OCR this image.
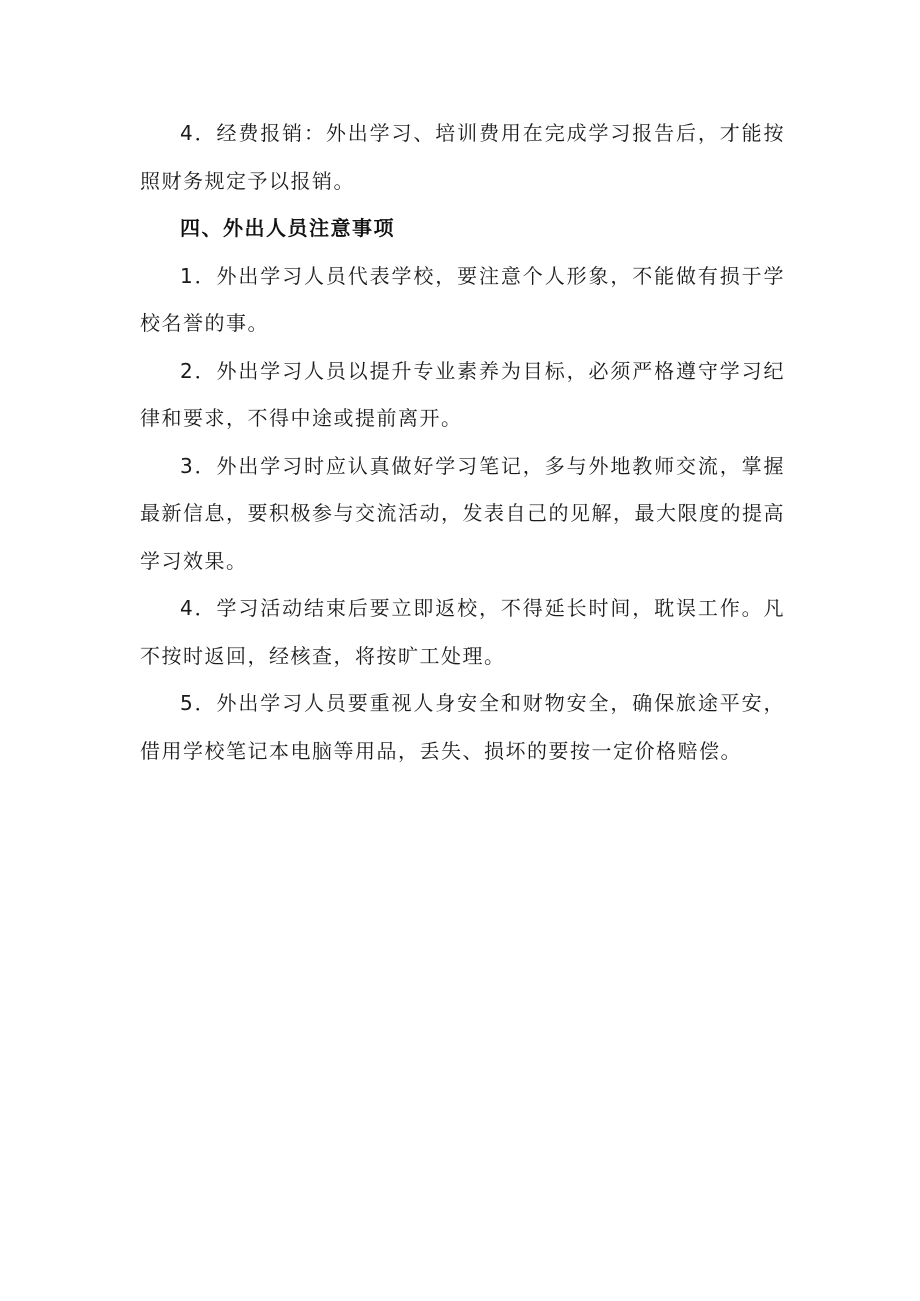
4．经费报销：外出学习、培训费用在完成学习报告后，才能按照财务规定予以报销。

四、外出人员注意事项

1．外出学习人员代表学校，要注意个人形象，不能做有损于学校名誉的事。

2．外出学习人员以提升专业素养为目标，必须严格遵守学习纪律和要求，不得中途或提前离开。

3．外出学习时应认真做好学习笔记，多与外地教师交流，掌握最新信息，要积极参与交流活动，发表自己的见解，最大限度的提高学习效果。

4．学习活动结束后要立即返校，不得延长时间，耽误工作。凡不按时返回，经核查，将按旷工处理。

5．外出学习人员要重视人身安全和财物安全，确保旅途平安，借用学校笔记本电脑等用品，丢失、损坏的要按一定价格赔偿。
